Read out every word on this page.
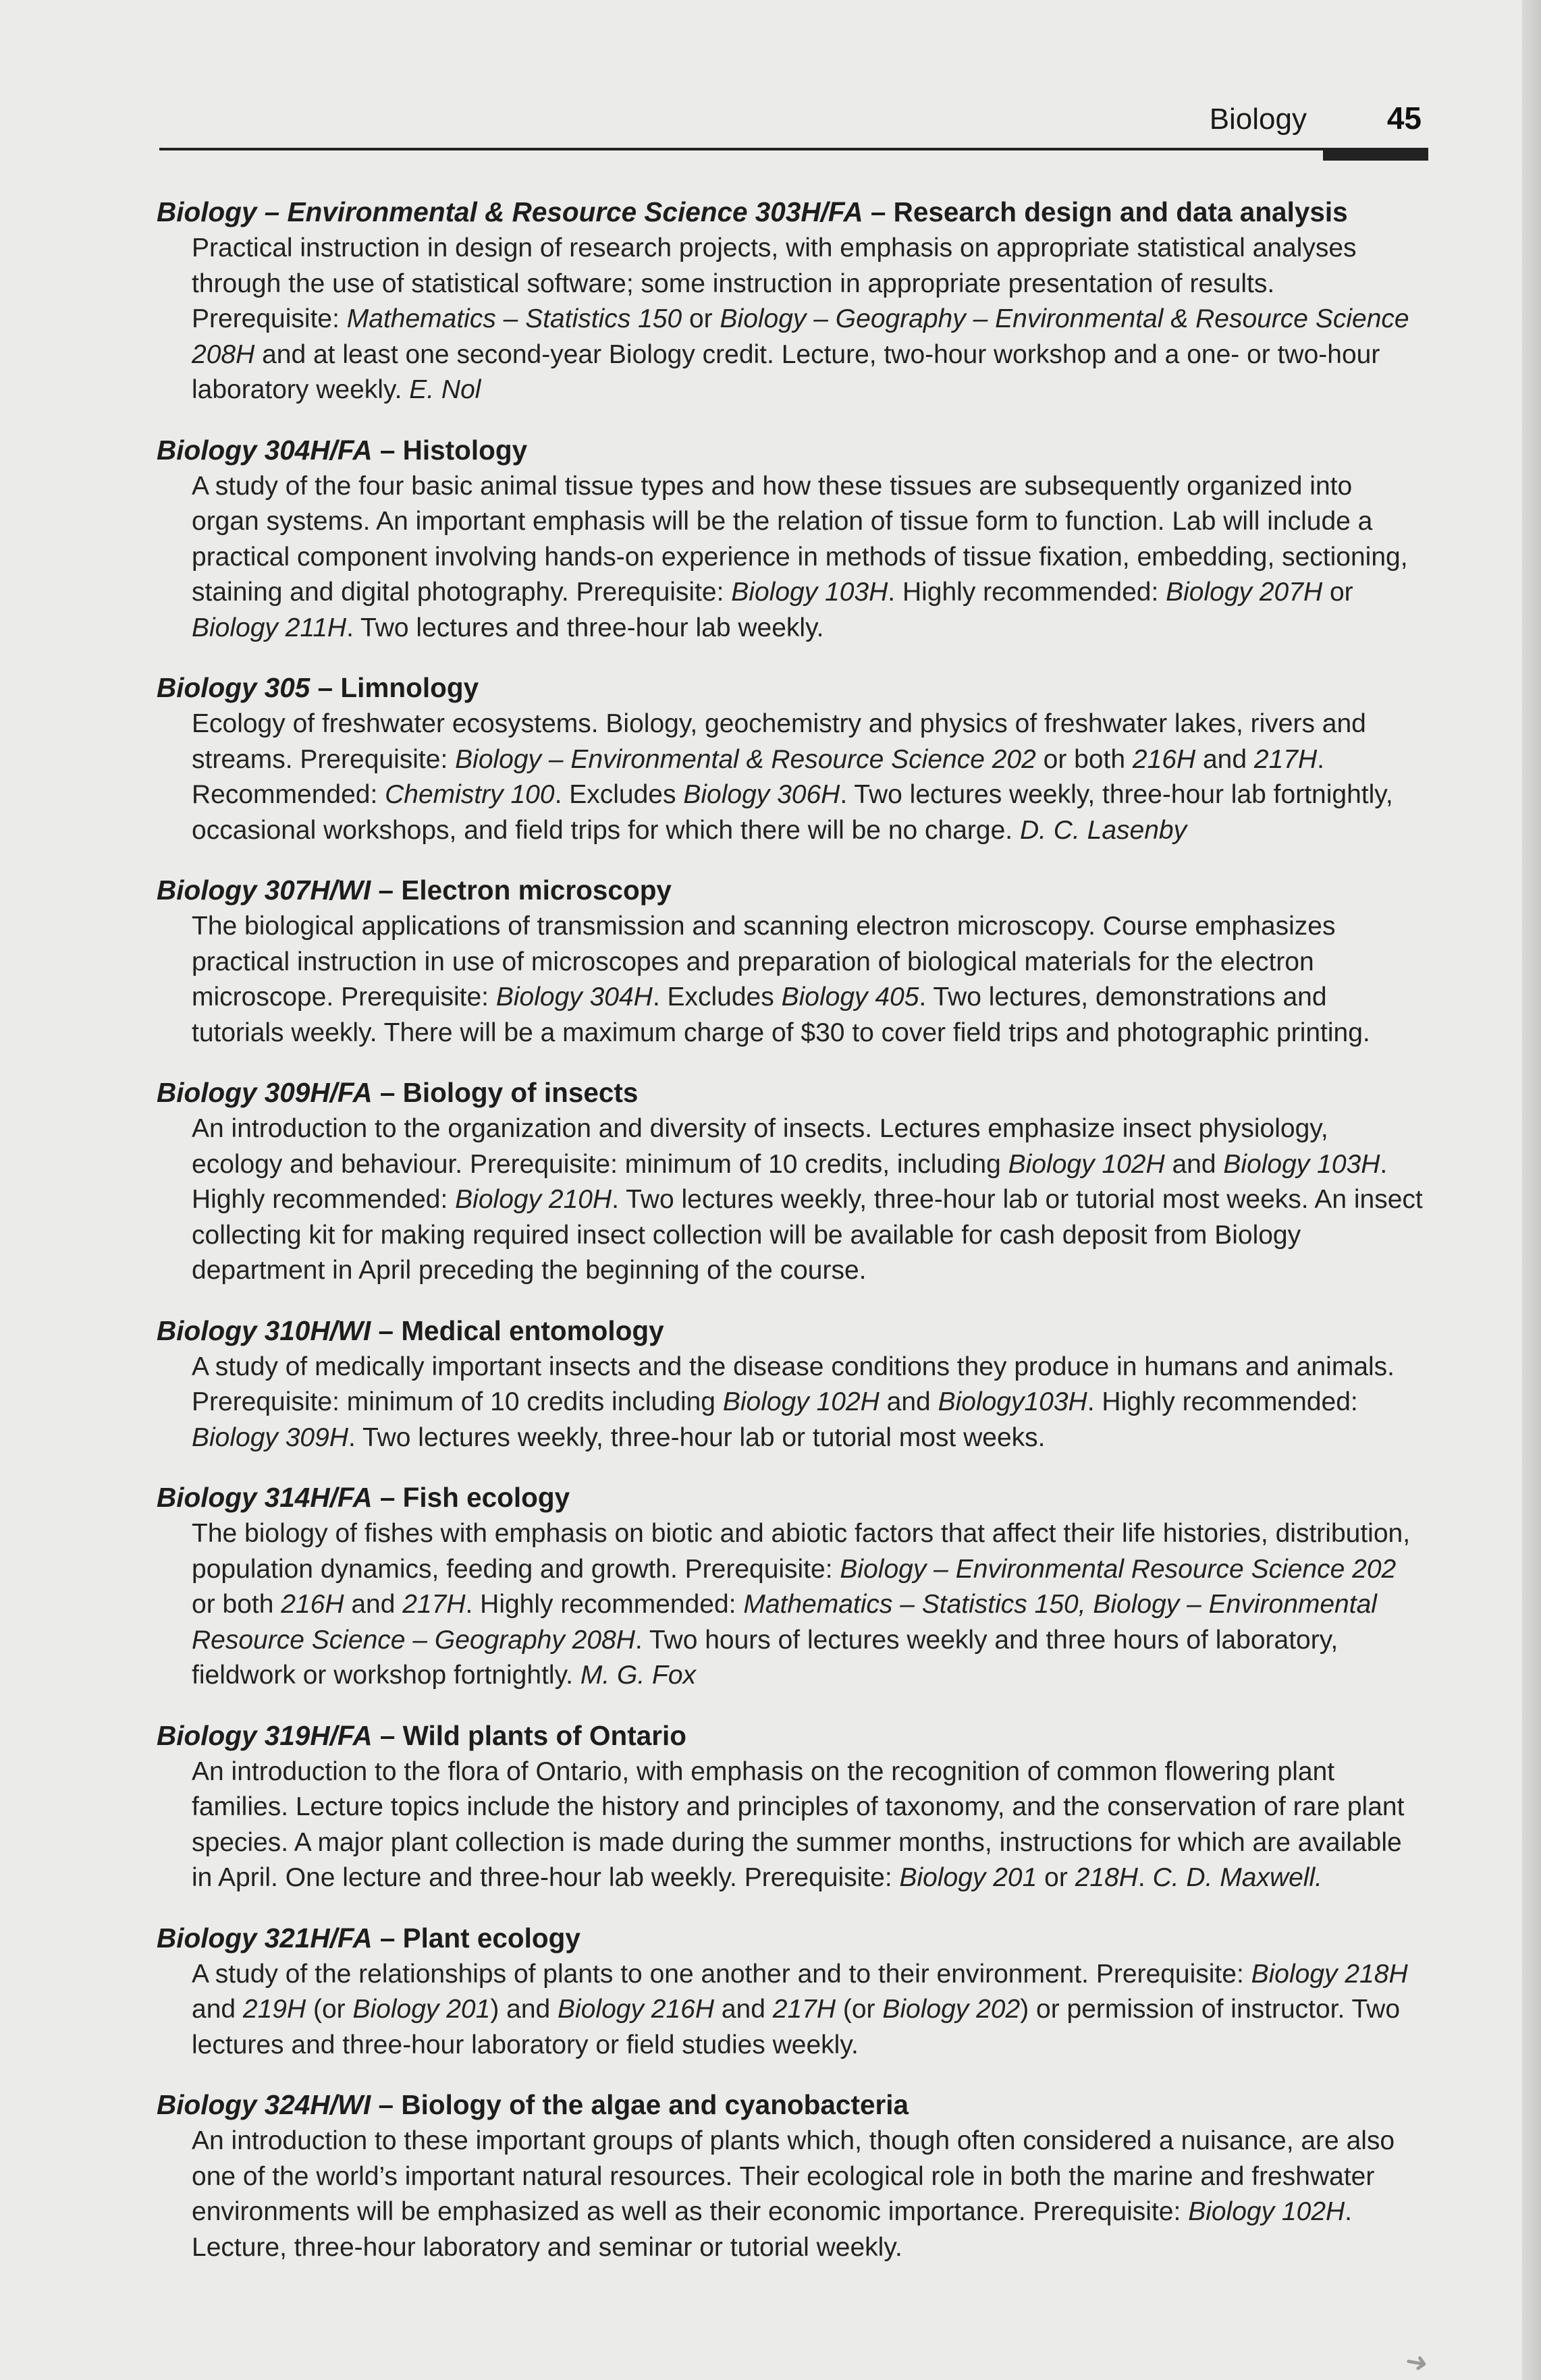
Biology	45
Biology – Environmental & Resource Science 303H/FA – Research design and data analysis
Practical instruction in design of research projects, with emphasis on appropriate statistical analyses through the use of statistical software; some instruction in appropriate presentation of results. Prerequisite: Mathematics – Statistics 150 or Biology – Geography – Environmental & Resource Science 208H and at least one second-year Biology credit. Lecture, two-hour workshop and a one- or two-hour laboratory weekly. E. Nol
Biology 304H/FA – Histology
A study of the four basic animal tissue types and how these tissues are subsequently organized into organ systems. An important emphasis will be the relation of tissue form to function. Lab will include a practical component involving hands-on experience in methods of tissue fixation, embedding, sectioning, staining and digital photography. Prerequisite: Biology 103H. Highly recommended: Biology 207H or Biology 211H. Two lectures and three-hour lab weekly.
Biology 305 – Limnology
Ecology of freshwater ecosystems. Biology, geochemistry and physics of freshwater lakes, rivers and streams. Prerequisite: Biology – Environmental & Resource Science 202 or both 216H and 217H. Recommended: Chemistry 100. Excludes Biology 306H. Two lectures weekly, three-hour lab fortnightly, occasional workshops, and field trips for which there will be no charge. D. C. Lasenby
Biology 307H/WI – Electron microscopy
The biological applications of transmission and scanning electron microscopy. Course emphasizes practical instruction in use of microscopes and preparation of biological materials for the electron microscope. Prerequisite: Biology 304H. Excludes Biology 405. Two lectures, demonstrations and tutorials weekly. There will be a maximum charge of $30 to cover field trips and photographic printing.
Biology 309H/FA – Biology of insects
An introduction to the organization and diversity of insects. Lectures emphasize insect physiology, ecology and behaviour. Prerequisite: minimum of 10 credits, including Biology 102H and Biology 103H. Highly recommended: Biology 210H. Two lectures weekly, three-hour lab or tutorial most weeks. An insect collecting kit for making required insect collection will be available for cash deposit from Biology department in April preceding the beginning of the course.
Biology 310H/WI – Medical entomology
A study of medically important insects and the disease conditions they produce in humans and animals. Prerequisite: minimum of 10 credits including Biology 102H and Biology103H. Highly recommended: Biology 309H. Two lectures weekly, three-hour lab or tutorial most weeks.
Biology 314H/FA – Fish ecology
The biology of fishes with emphasis on biotic and abiotic factors that affect their life histories, distribution, population dynamics, feeding and growth. Prerequisite: Biology – Environmental Resource Science 202 or both 216H and 217H. Highly recommended: Mathematics – Statistics 150, Biology – Environmental Resource Science – Geography 208H. Two hours of lectures weekly and three hours of laboratory, fieldwork or workshop fortnightly. M. G. Fox
Biology 319H/FA – Wild plants of Ontario
An introduction to the flora of Ontario, with emphasis on the recognition of common flowering plant families. Lecture topics include the history and principles of taxonomy, and the conservation of rare plant species. A major plant collection is made during the summer months, instructions for which are available in April. One lecture and three-hour lab weekly. Prerequisite: Biology 201 or 218H. C. D. Maxwell.
Biology 321H/FA – Plant ecology
A study of the relationships of plants to one another and to their environment. Prerequisite: Biology 218H and 219H (or Biology 201) and Biology 216H and 217H (or Biology 202) or permission of instructor. Two lectures and three-hour laboratory or field studies weekly.
Biology 324H/WI – Biology of the algae and cyanobacteria
An introduction to these important groups of plants which, though often considered a nuisance, are also one of the world’s important natural resources. Their ecological role in both the marine and freshwater environments will be emphasized as well as their economic importance. Prerequisite: Biology 102H. Lecture, three-hour laboratory and seminar or tutorial weekly.
➜
